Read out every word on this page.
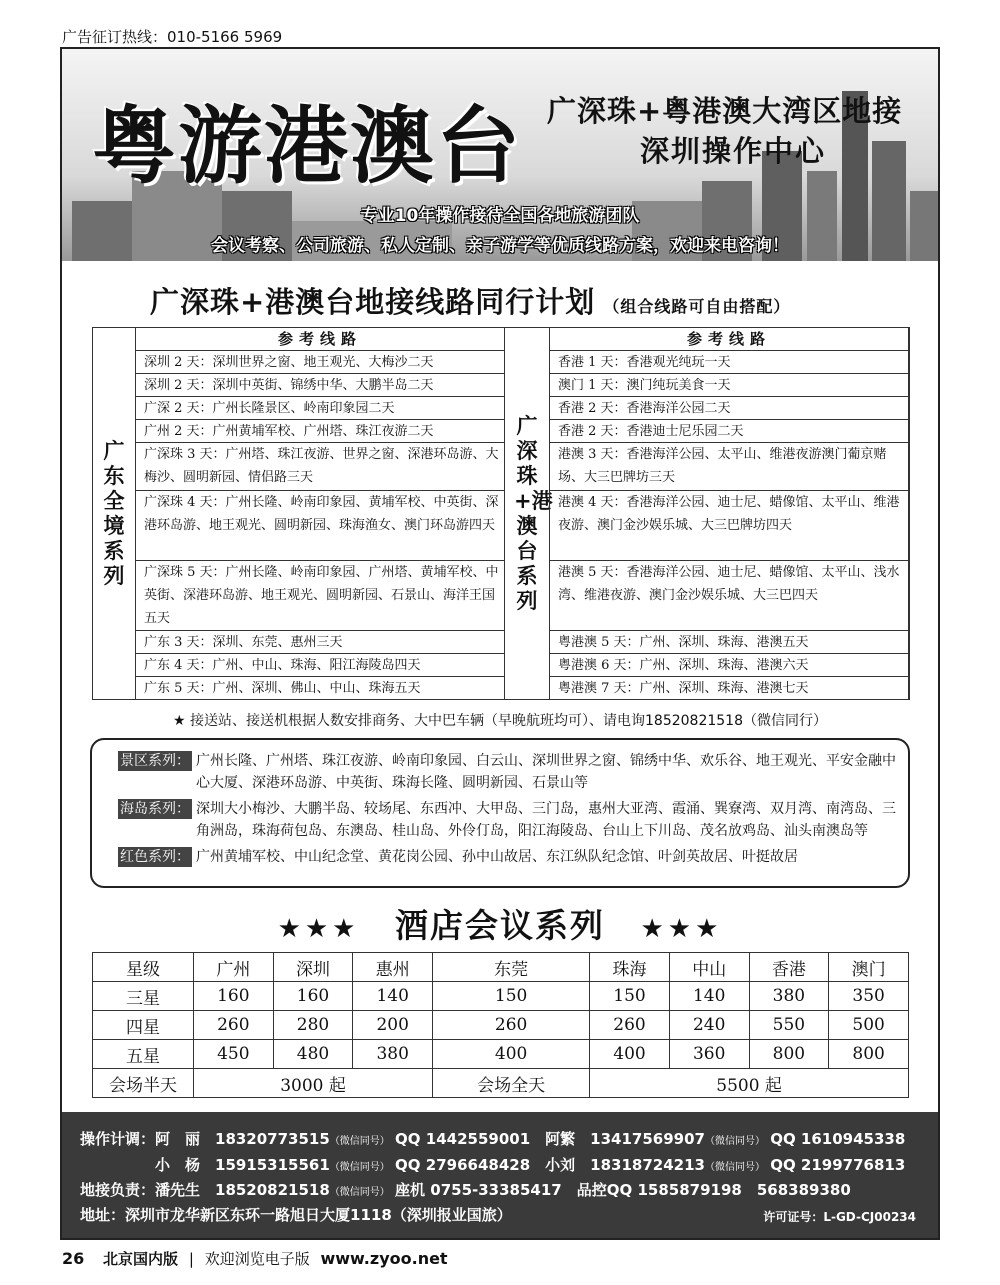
广告征订热线：010-5166 5969
粤游港澳台 广深珠+粤港澳大湾区地接
深圳操作中心
专业10年操作接待全国各地旅游团队
会议考察、公司旅游、私人定制、亲子游学等优质线路方案，欢迎来电咨询！
广深珠+港澳台地接线路同行计划 （组合线路可自由搭配）
广东全境系列
参考线路
深圳 2 天：深圳世界之窗、地王观光、大梅沙二天
深圳 2 天：深圳中英街、锦绣中华、大鹏半岛二天
广深 2 天：广州长隆景区、岭南印象园二天
广州 2 天：广州黄埔军校、广州塔、珠江夜游二天
广深珠 3 天：广州塔、珠江夜游、世界之窗、深港环岛游、大梅沙、圆明新园、情侣路三天
广深珠 4 天：广州长隆、岭南印象园、黄埔军校、中英街、深港环岛游、地王观光、圆明新园、珠海渔女、澳门环岛游四天
广深珠 5 天：广州长隆、岭南印象园、广州塔、黄埔军校、中英街、深港环岛游、地王观光、圆明新园、石景山、海洋王国五天
广东 3 天：深圳、东莞、惠州三天
广东 4 天：广州、中山、珠海、阳江海陵岛四天
广东 5 天：广州、深圳、佛山、中山、珠海五天
广深珠+港澳台系列
参考线路
香港 1 天：香港观光纯玩一天
澳门 1 天：澳门纯玩美食一天
香港 2 天：香港海洋公园二天
香港 2 天：香港迪士尼乐园二天
港澳 3 天：香港海洋公园、太平山、维港夜游澳门葡京赌场、大三巴牌坊三天
港澳 4 天：香港海洋公园、迪士尼、蜡像馆、太平山、维港夜游、澳门金沙娱乐城、大三巴牌坊四天
港澳 5 天：香港海洋公园、迪士尼、蜡像馆、太平山、浅水湾、维港夜游、澳门金沙娱乐城、大三巴四天
粤港澳 5 天：广州、深圳、珠海、港澳五天
粤港澳 6 天：广州、深圳、珠海、港澳六天
粤港澳 7 天：广州、深圳、珠海、港澳七天
★ 接送站、接送机根据人数安排商务、大中巴车辆（早晚航班均可）、请电询18520821518（微信同行）
景区系列： 广州长隆、广州塔、珠江夜游、岭南印象园、白云山、深圳世界之窗、锦绣中华、欢乐谷、地王观光、平安金融中心大厦、深港环岛游、中英街、珠海长隆、圆明新园、石景山等
海岛系列： 深圳大小梅沙、大鹏半岛、较场尾、东西冲、大甲岛、三门岛，惠州大亚湾、霞涌、巽寮湾、双月湾、南湾岛、三角洲岛，珠海荷包岛、东澳岛、桂山岛、外伶仃岛，阳江海陵岛、台山上下川岛、茂名放鸡岛、汕头南澳岛等
红色系列： 广州黄埔军校、中山纪念堂、黄花岗公园、孙中山故居、东江纵队纪念馆、叶剑英故居、叶挺故居
★★★ 酒店会议系列 ★★★
星级	广州	深圳	惠州	东莞	珠海	中山	香港	澳门
三星	160	160	140	150	150	140	380	350
四星	260	280	200	260	260	240	550	500
五星	450	480	380	400	400	360	800	800
会场半天	3000 起			会场全天	5500 起			
操作计调：阿　丽　18320773515（微信同号） QQ 1442559001　阿繁　13417569907（微信同号） QQ 1610945338
　　　　　小　杨　15915315561（微信同号） QQ 2796648428　小刘　18318724213（微信同号） QQ 2199776813
地接负责：潘先生　18520821518（微信同号） 座机 0755-33385417　品控QQ 1585879198　568389380
地址：深圳市龙华新区东环一路旭日大厦1118（深圳报业国旅）	许可证号：L-GD-CJ00234
26 北京国内版 | 欢迎浏览电子版 www.zyoo.net
